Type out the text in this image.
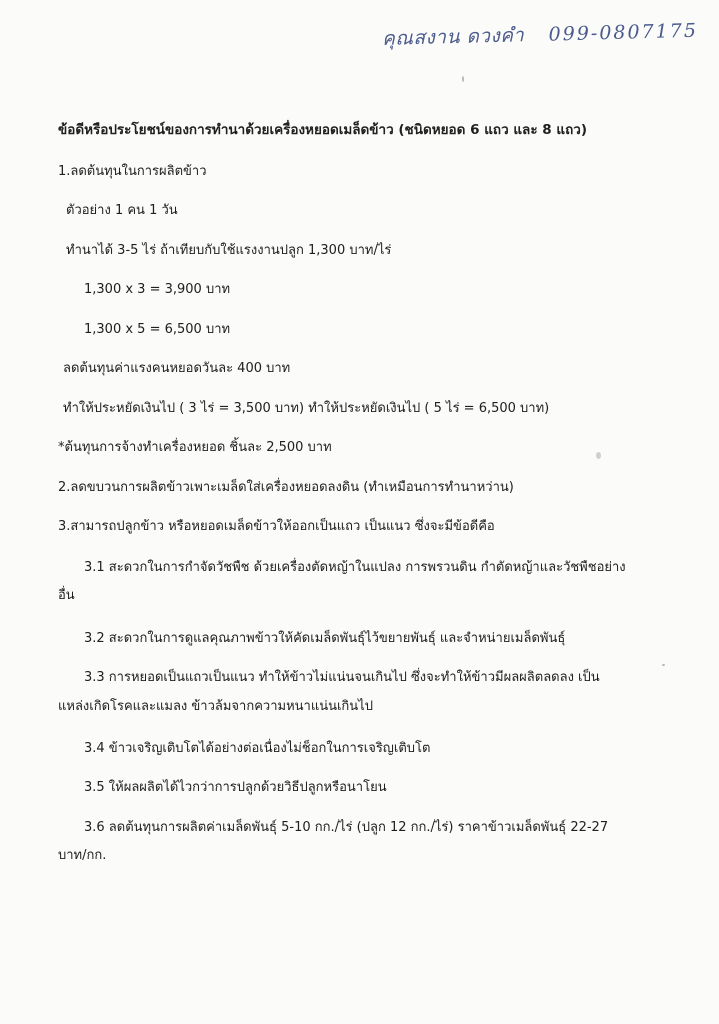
คุณสงาน ดวงคำ 099-0807175
ข้อดีหรือประโยชน์ของการทำนาด้วยเครื่องหยอดเมล็ดข้าว (ชนิดหยอด 6 แถว และ 8 แถว)
1.ลดต้นทุนในการผลิตข้าว
ตัวอย่าง 1 คน 1 วัน
ทำนาได้ 3-5 ไร่ ถ้าเทียบกับใช้แรงงานปลูก 1,300 บาท/ไร่
1,300 x 3 = 3,900 บาท
1,300 x 5 = 6,500 บาท
ลดต้นทุนค่าแรงคนหยอดวันละ 400 บาท
ทำให้ประหยัดเงินไป ( 3 ไร่ = 3,500 บาท) ทำให้ประหยัดเงินไป ( 5 ไร่ = 6,500 บาท)
*ต้นทุนการจ้างทำเครื่องหยอด ชิ้นละ 2,500 บาท
2.ลดขบวนการผลิตข้าวเพาะเมล็ดใส่เครื่องหยอดลงดิน (ทำเหมือนการทำนาหว่าน)
3.สามารถปลูกข้าว หรือหยอดเมล็ดข้าวให้ออกเป็นแถว เป็นแนว ซึ่งจะมีข้อดีคือ
3.1 สะดวกในการกำจัดวัชพืช ด้วยเครื่องตัดหญ้าในแปลง การพรวนดิน กำตัดหญ้าและวัชพืชอย่าง
อื่น
3.2 สะดวกในการดูแลคุณภาพข้าวให้คัดเมล็ดพันธุ์ไว้ขยายพันธุ์ และจำหน่ายเมล็ดพันธุ์
3.3 การหยอดเป็นแถวเป็นแนว ทำให้ข้าวไม่แน่นจนเกินไป ซึ่งจะทำให้ข้าวมีผลผลิตลดลง เป็น
แหล่งเกิดโรคและแมลง ข้าวล้มจากความหนาแน่นเกินไป
3.4 ข้าวเจริญเติบโตได้อย่างต่อเนื่องไม่ช็อกในการเจริญเติบโต
3.5 ให้ผลผลิตได้ไวกว่าการปลูกด้วยวิธีปลูกหรือนาโยน
3.6 ลดต้นทุนการผลิตค่าเมล็ดพันธุ์ 5-10 กก./ไร่ (ปลูก 12 กก./ไร่) ราคาข้าวเมล็ดพันธุ์ 22-27
บาท/กก.
